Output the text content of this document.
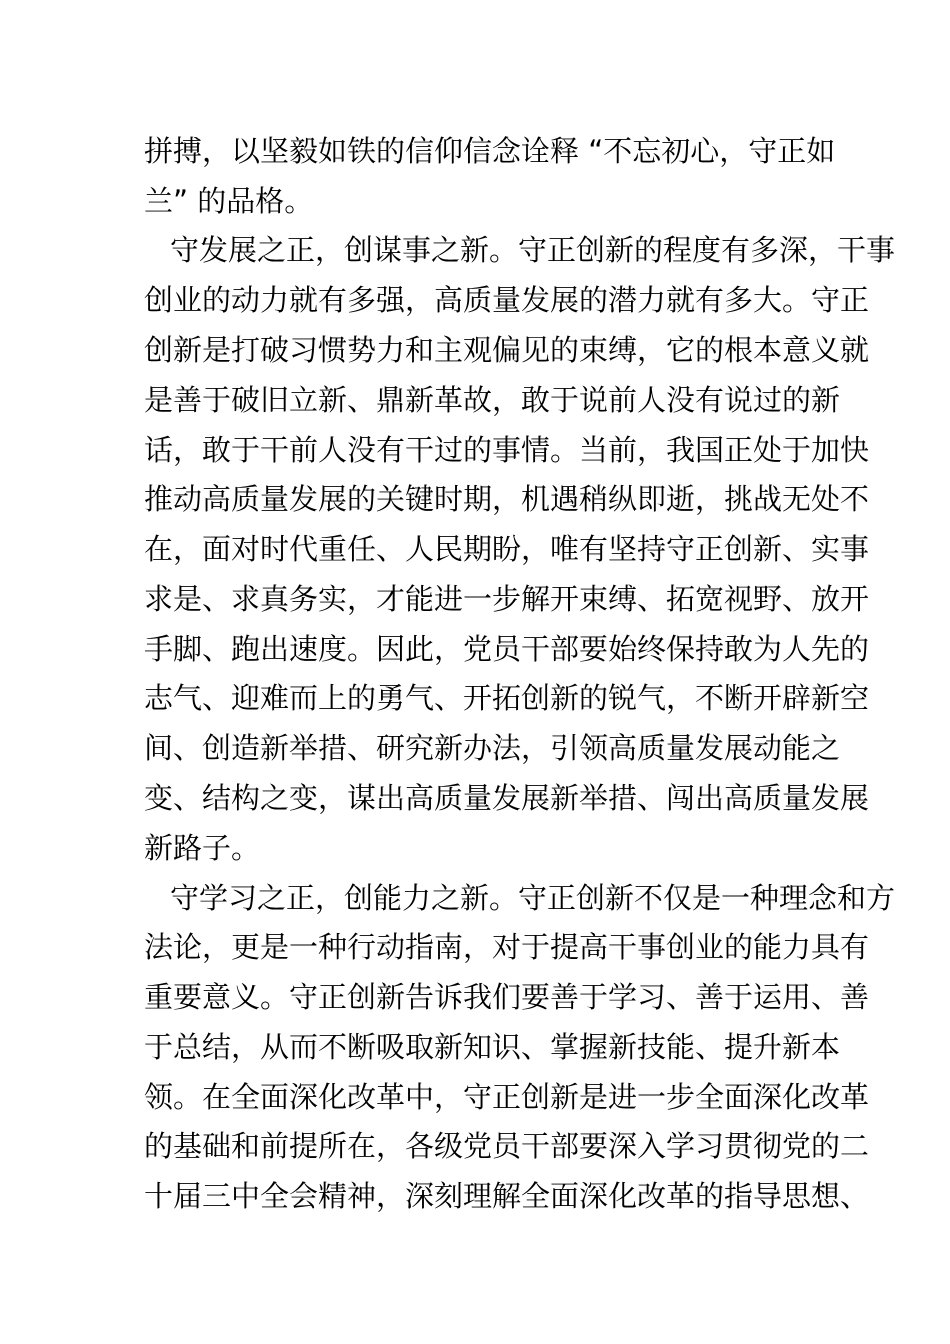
拼搏，以坚毅如铁的信仰信念诠释 “不忘初心，守正如
兰” 的品格。
守发展之正，创谋事之新。守正创新的程度有多深，干事
创业的动力就有多强，高质量发展的潜力就有多大。守正
创新是打破习惯势力和主观偏见的束缚，它的根本意义就
是善于破旧立新、鼎新革故，敢于说前人没有说过的新
话，敢于干前人没有干过的事情。当前，我国正处于加快
推动高质量发展的关键时期，机遇稍纵即逝，挑战无处不
在，面对时代重任、人民期盼，唯有坚持守正创新、实事
求是、求真务实，才能进一步解开束缚、拓宽视野、放开
手脚、跑出速度。因此，党员干部要始终保持敢为人先的
志气、迎难而上的勇气、开拓创新的锐气，不断开辟新空
间、创造新举措、研究新办法，引领高质量发展动能之
变、结构之变，谋出高质量发展新举措、闯出高质量发展
新路子。
守学习之正，创能力之新。守正创新不仅是一种理念和方
法论，更是一种行动指南，对于提高干事创业的能力具有
重要意义。守正创新告诉我们要善于学习、善于运用、善
于总结，从而不断吸取新知识、掌握新技能、提升新本
领。在全面深化改革中，守正创新是进一步全面深化改革
的基础和前提所在，各级党员干部要深入学习贯彻党的二
十届三中全会精神，深刻理解全面深化改革的指导思想、
